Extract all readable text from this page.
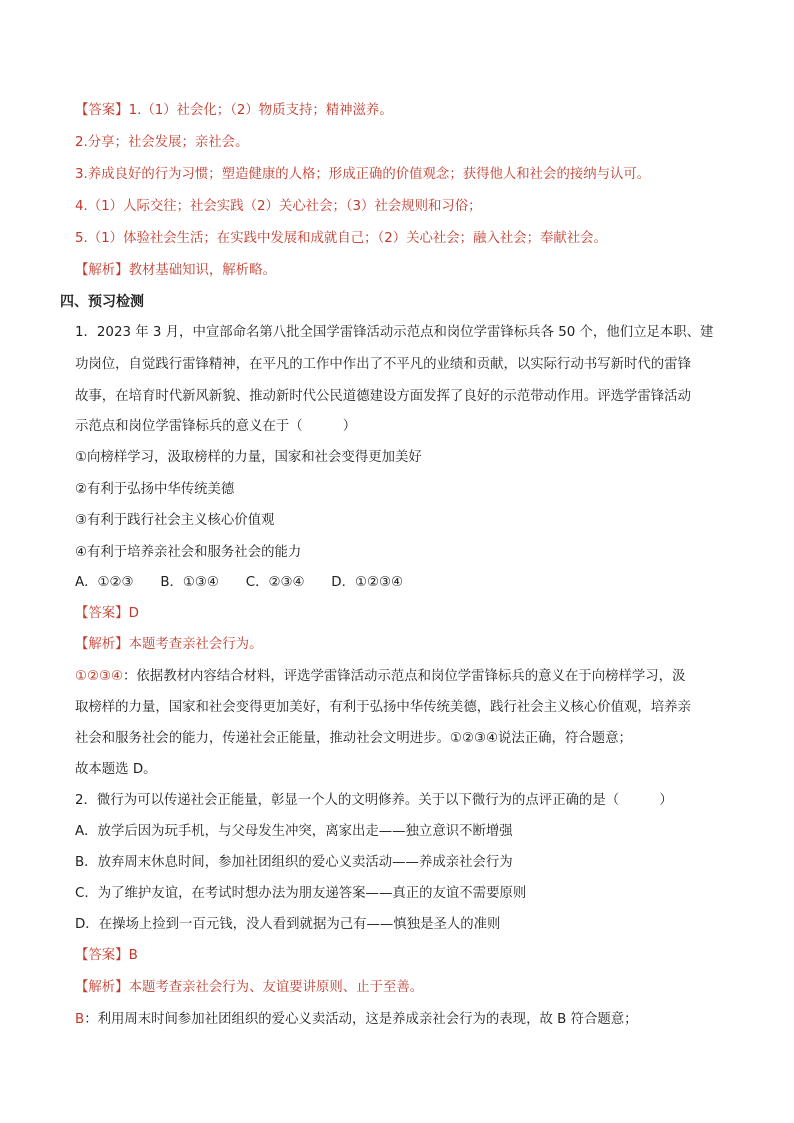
【答案】1.（1）社会化；（2）物质支持；精神滋养。
2.分享；社会发展；亲社会。
3.养成良好的行为习惯；塑造健康的人格；形成正确的价值观念；获得他人和社会的接纳与认可。
4.（1）人际交往；社会实践（2）关心社会；（3）社会规则和习俗；
5.（1）体验社会生活；在实践中发展和成就自己；（2）关心社会；融入社会；奉献社会。
【解析】教材基础知识，解析略。
四、预习检测
1．2023 年 3 月，中宣部命名第八批全国学雷锋活动示范点和岗位学雷锋标兵各 50 个，他们立足本职、建
功岗位，自觉践行雷锋精神，在平凡的工作中作出了不平凡的业绩和贡献，以实际行动书写新时代的雷锋
故事，在培育时代新风新貌、推动新时代公民道德建设方面发挥了良好的示范带动作用。评选学雷锋活动
示范点和岗位学雷锋标兵的意义在于（　　　）
①向榜样学习，汲取榜样的力量，国家和社会变得更加美好
②有利于弘扬中华传统美德
③有利于践行社会主义核心价值观
④有利于培养亲社会和服务社会的能力
A．①②③　　B．①③④　　C．②③④　　D．①②③④
【答案】D
【解析】本题考查亲社会行为。
①②③④：依据教材内容结合材料，评选学雷锋活动示范点和岗位学雷锋标兵的意义在于向榜样学习，汲
取榜样的力量，国家和社会变得更加美好，有利于弘扬中华传统美德，践行社会主义核心价值观，培养亲
社会和服务社会的能力，传递社会正能量，推动社会文明进步。①②③④说法正确，符合题意；
故本题选 D。
2．微行为可以传递社会正能量，彰显一个人的文明修养。关于以下微行为的点评正确的是（　　　）
A．放学后因为玩手机，与父母发生冲突，离家出走——独立意识不断增强
B．放弃周末休息时间，参加社团组织的爱心义卖活动——养成亲社会行为
C．为了维护友谊，在考试时想办法为朋友递答案——真正的友谊不需要原则
D．在操场上捡到一百元钱，没人看到就据为己有——慎独是圣人的准则
【答案】B
【解析】本题考查亲社会行为、友谊要讲原则、止于至善。
B：利用周末时间参加社团组织的爱心义卖活动，这是养成亲社会行为的表现，故 B 符合题意；
